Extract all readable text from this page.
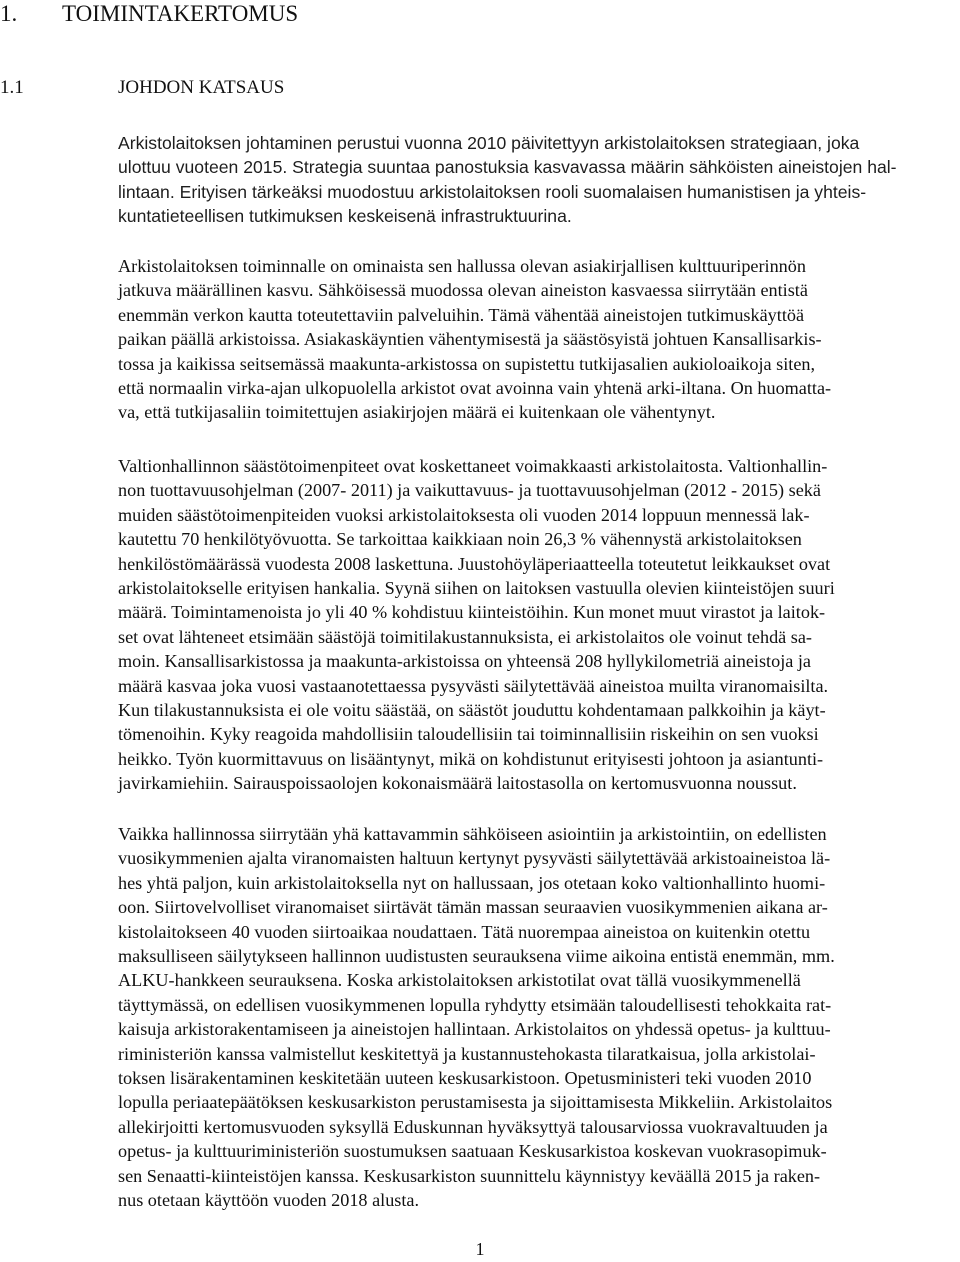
1. TOIMINTAKERTOMUS
1.1	JOHDON KATSAUS
Arkistolaitoksen johtaminen perustui vuonna 2010 päivitettyyn arkistolaitoksen strategiaan, joka
ulottuu vuoteen 2015. Strategia suuntaa panostuksia kasvavassa määrin sähköisten aineistojen hal-
lintaan. Erityisen tärkeäksi muodostuu arkistolaitoksen rooli suomalaisen humanistisen ja yhteis-
kuntatieteellisen tutkimuksen keskeisenä infrastruktuurina.
Arkistolaitoksen toiminnalle on ominaista sen hallussa olevan asiakirjallisen kulttuuriperinnön
jatkuva määrällinen kasvu. Sähköisessä muodossa olevan aineiston kasvaessa siirrytään entistä
enemmän verkon kautta toteutettaviin palveluihin. Tämä vähentää aineistojen tutkimuskäyttöä
paikan päällä arkistoissa. Asiakaskäyntien vähentymisestä ja säästösyistä johtuen Kansallisarkis-
tossa ja kaikissa seitsemässä maakunta-arkistossa on supistettu tutkijasalien aukioloaikoja siten,
että normaalin virka-ajan ulkopuolella arkistot ovat avoinna vain yhtenä arki-iltana. On huomatta-
va, että tutkijasaliin toimitettujen asiakirjojen määrä ei kuitenkaan ole vähentynyt.
Valtionhallinnon säästötoimenpiteet ovat koskettaneet voimakkaasti arkistolaitosta. Valtionhallin-
non tuottavuusohjelman (2007- 2011) ja vaikuttavuus- ja tuottavuusohjelman (2012 - 2015) sekä
muiden säästötoimenpiteiden vuoksi arkistolaitoksesta oli vuoden 2014 loppuun mennessä lak-
kautettu 70 henkilötyövuotta. Se tarkoittaa kaikkiaan noin 26,3 % vähennystä arkistolaitoksen
henkilöstömäärässä vuodesta 2008 laskettuna. Juustohöyläperiaatteella toteutetut leikkaukset ovat
arkistolaitokselle erityisen hankalia. Syynä siihen on laitoksen vastuulla olevien kiinteistöjen suuri
määrä. Toimintamenoista jo yli 40 % kohdistuu kiinteistöihin. Kun monet muut virastot ja laitok-
set ovat lähteneet etsimään säästöjä toimitilakustannuksista, ei arkistolaitos ole voinut tehdä sa-
moin. Kansallisarkistossa ja maakunta-arkistoissa on yhteensä 208 hyllykilometriä aineistoja ja
määrä kasvaa joka vuosi vastaanotettaessa pysyvästi säilytettävää aineistoa muilta viranomaisilta.
Kun tilakustannuksista ei ole voitu säästää, on säästöt jouduttu kohdentamaan palkkoihin ja käyt-
tömenoihin. Kyky reagoida mahdollisiin taloudellisiin tai toiminnallisiin riskeihin on sen vuoksi
heikko. Työn kuormittavuus on lisääntynyt, mikä on kohdistunut erityisesti johtoon ja asiantunti-
javirkamiehiin. Sairauspoissaolojen kokonaismäärä laitostasolla on kertomusvuonna noussut.
Vaikka hallinnossa siirrytään yhä kattavammin sähköiseen asiointiin ja arkistointiin, on edellisten
vuosikymmenien ajalta viranomaisten haltuun kertynyt pysyvästi säilytettävää arkistoaineistoa lä-
hes yhtä paljon, kuin arkistolaitoksella nyt on hallussaan, jos otetaan koko valtionhallinto huomi-
oon. Siirtovelvolliset viranomaiset siirtävät tämän massan seuraavien vuosikymmenien aikana ar-
kistolaitokseen 40 vuoden siirtoaikaa noudattaen. Tätä nuorempaa aineistoa on kuitenkin otettu
maksulliseen säilytykseen hallinnon uudistusten seurauksena viime aikoina entistä enemmän, mm.
ALKU-hankkeen seurauksena. Koska arkistolaitoksen arkistotilat ovat tällä vuosikymmenellä
täyttymässä, on edellisen vuosikymmenen lopulla ryhdytty etsimään taloudellisesti tehokkaita rat-
kaisuja arkistorakentamiseen ja aineistojen hallintaan. Arkistolaitos on yhdessä opetus- ja kulttuu-
riministeriön kanssa valmistellut keskitettyä ja kustannustehokasta tilaratkaisua, jolla arkistolai-
toksen lisärakentaminen keskitetään uuteen keskusarkistoon. Opetusministeri teki vuoden 2010
lopulla periaatepäätöksen keskusarkiston perustamisesta ja sijoittamisesta Mikkeliin. Arkistolaitos
allekirjoitti kertomusvuoden syksyllä Eduskunnan hyväksyttyä talousarviossa vuokravaltuuden ja
opetus- ja kulttuuriministeriön suostumuksen saatuaan Keskusarkistoa koskevan vuokrasopimuk-
sen Senaatti-kiinteistöjen kanssa. Keskusarkiston suunnittelu käynnistyy keväällä 2015 ja raken-
nus otetaan käyttöön vuoden 2018 alusta.
1
